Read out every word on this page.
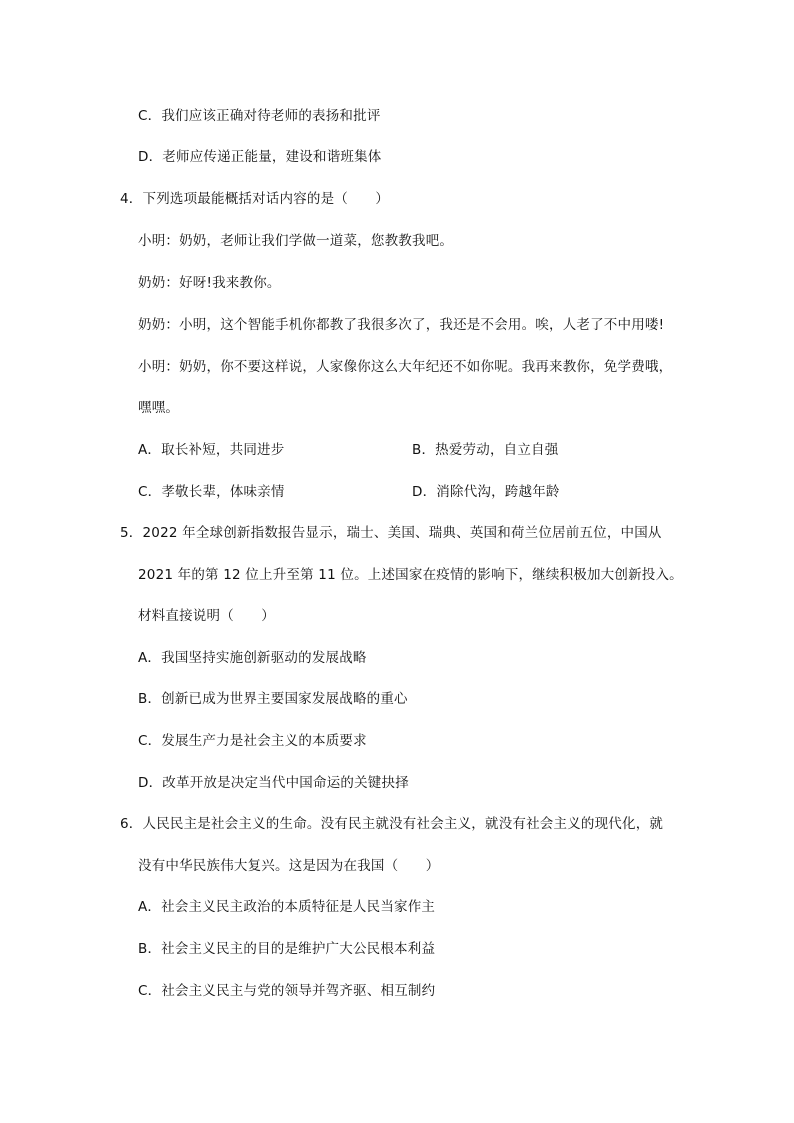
C．我们应该正确对待老师的表扬和批评
D．老师应传递正能量，建设和谐班集体
4．下列选项最能概括对话内容的是（　　）
小明：奶奶，老师让我们学做一道菜，您教教我吧。
奶奶：好呀!我来教你。
奶奶：小明，这个智能手机你都教了我很多次了，我还是不会用。唉，人老了不中用喽!
小明：奶奶，你不要这样说，人家像你这么大年纪还不如你呢。我再来教你，免学费哦，
嘿嘿。
A．取长补短，共同进步	B．热爱劳动，自立自强
C．孝敬长辈，体味亲情	D．消除代沟，跨越年龄
5．2022 年全球创新指数报告显示，瑞士、美国、瑞典、英国和荷兰位居前五位，中国从
2021 年的第 12 位上升至第 11 位。上述国家在疫情的影响下，继续积极加大创新投入。
材料直接说明（　　）
A．我国坚持实施创新驱动的发展战略
B．创新已成为世界主要国家发展战略的重心
C．发展生产力是社会主义的本质要求
D．改革开放是决定当代中国命运的关键抉择
6．人民民主是社会主义的生命。没有民主就没有社会主义，就没有社会主义的现代化，就
没有中华民族伟大复兴。这是因为在我国（　　）
A．社会主义民主政治的本质特征是人民当家作主
B．社会主义民主的目的是维护广大公民根本利益
C．社会主义民主与党的领导并驾齐驱、相互制约
